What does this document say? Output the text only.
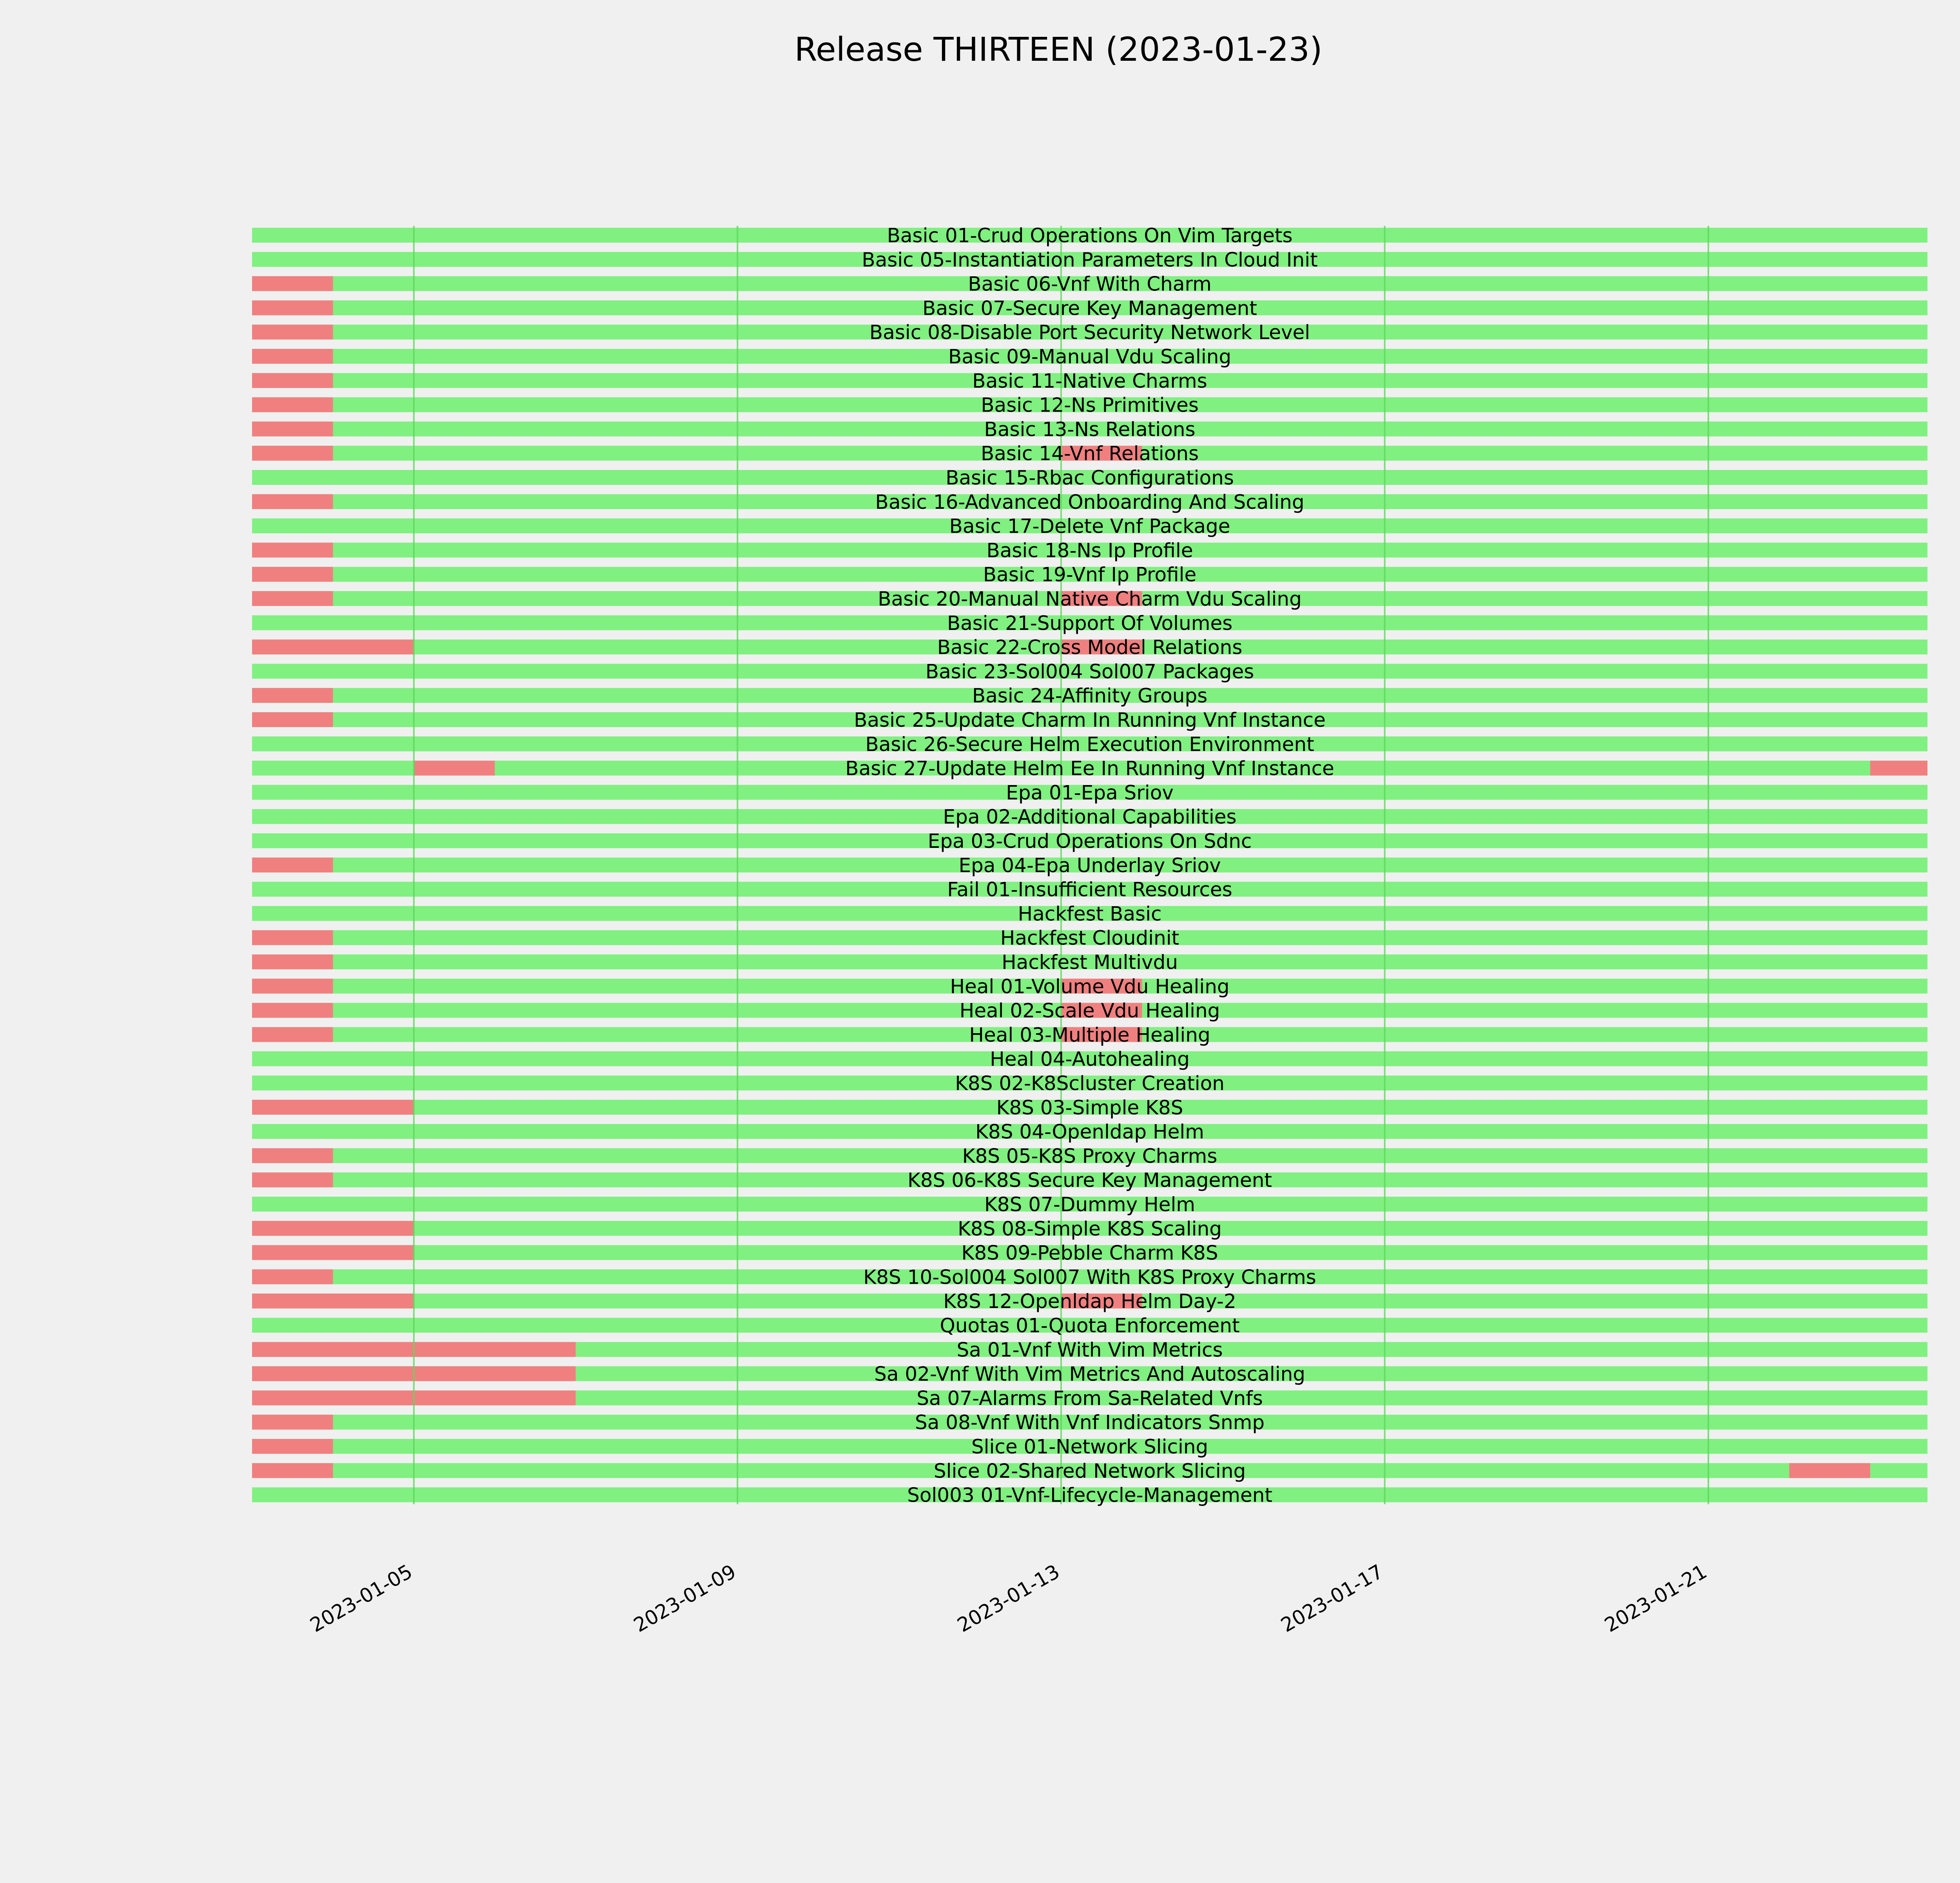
Release THIRTEEN (2023-01-23)
Basic 01-Crud Operations On Vim Targets
Basic 05-Instantiation Parameters In Cloud Init
Basic 06-Vnf With Charm
Basic 07-Secure Key Management
Basic 08-Disable Port Security Network Level
Basic 09-Manual Vdu Scaling
Basic 11-Native Charms
Basic 12-Ns Primitives
Basic 13-Ns Relations
Basic 14-Vnf Relations
Basic 15-Rbac Configurations
Basic 16-Advanced Onboarding And Scaling
Basic 17-Delete Vnf Package
Basic 18-Ns Ip Profile
Basic 19-Vnf Ip Profile
Basic 20-Manual Native Charm Vdu Scaling
Basic 21-Support Of Volumes
Basic 22-Cross Model Relations
Basic 23-Sol004 Sol007 Packages
Basic 24-Affinity Groups
Basic 25-Update Charm In Running Vnf Instance
Basic 26-Secure Helm Execution Environment
Basic 27-Update Helm Ee In Running Vnf Instance
Epa 01-Epa Sriov
Epa 02-Additional Capabilities
Epa 03-Crud Operations On Sdnc
Epa 04-Epa Underlay Sriov
Fail 01-Insufficient Resources
Hackfest Basic
Hackfest Cloudinit
Hackfest Multivdu
Heal 01-Volume Vdu Healing
Heal 02-Scale Vdu Healing
Heal 03-Multiple Healing
Heal 04-Autohealing
K8S 02-K8Scluster Creation
K8S 03-Simple K8S
K8S 04-Openldap Helm
K8S 05-K8S Proxy Charms
K8S 06-K8S Secure Key Management
K8S 07-Dummy Helm
K8S 08-Simple K8S Scaling
K8S 09-Pebble Charm K8S
K8S 10-Sol004 Sol007 With K8S Proxy Charms
K8S 12-Openldap Helm Day-2
Quotas 01-Quota Enforcement
Sa 01-Vnf With Vim Metrics
Sa 02-Vnf With Vim Metrics And Autoscaling
Sa 07-Alarms From Sa-Related Vnfs
Sa 08-Vnf With Vnf Indicators Snmp
Slice 01-Network Slicing
Slice 02-Shared Network Slicing
Sol003 01-Vnf-Lifecycle-Management
2023-01-05	2023-01-09	2023-01-13	2023-01-17	2023-01-21
